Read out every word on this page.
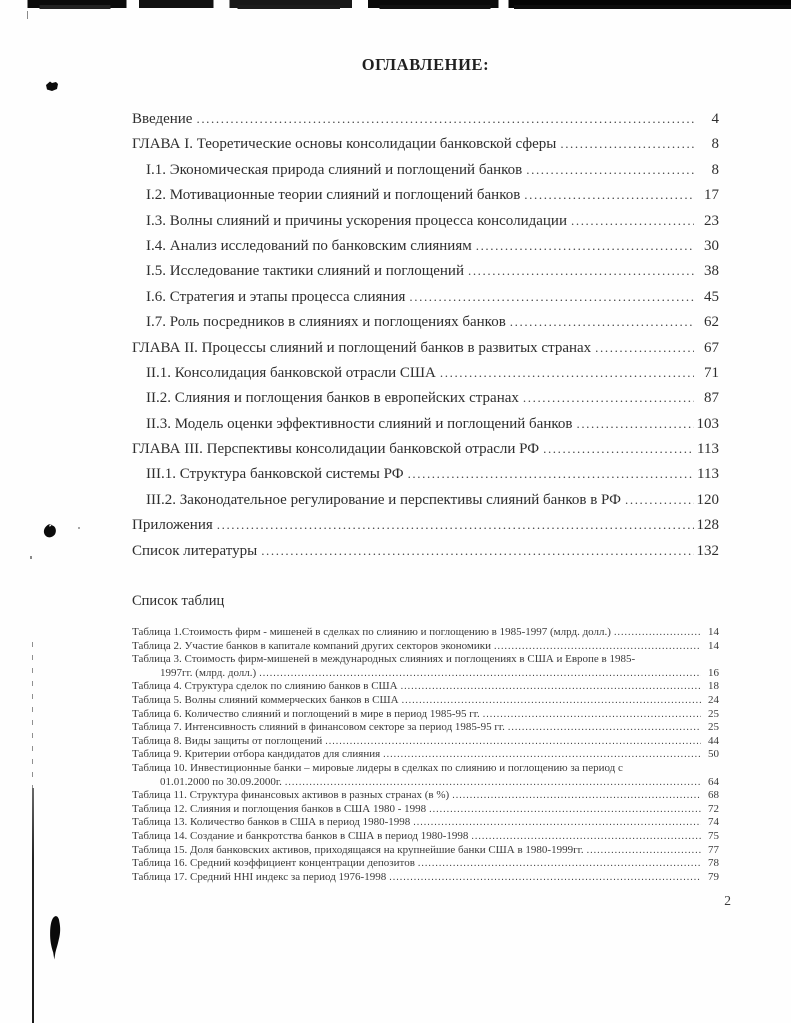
ОГЛАВЛЕНИЕ:
Введение .....	4
ГЛАВА I. Теоретические основы консолидации банковской сферы .....	8
I.1. Экономическая природа слияний и поглощений банков .....	8
I.2. Мотивационные теории слияний и поглощений банков .....	17
I.3. Волны слияний и причины ускорения процесса консолидации .....	23
I.4. Анализ исследований по банковским слияниям .....	30
I.5. Исследование тактики слияний и поглощений .....	38
I.6. Стратегия и этапы процесса слияния .....	45
I.7. Роль посредников в слияниях и поглощениях банков .....	62
ГЛАВА II. Процессы слияний и поглощений банков в развитых странах .....	67
II.1. Консолидация банковской отрасли США .....	71
II.2. Слияния и поглощения банков в европейских странах .....	87
II.3. Модель оценки эффективности слияний и поглощений банков .....	103
ГЛАВА III. Перспективы консолидации банковской отрасли РФ .....	113
III.1. Структура банковской системы РФ .....	113
III.2. Законодательное регулирование и перспективы слияний банков в РФ .....	120
Приложения .....	128
Список литературы .....	132
Список таблиц
Таблица 1.Стоимость фирм - мишеней в сделках по слиянию и поглощению в 1985-1997 (млрд. долл.) .....	14
Таблица 2. Участие банков в капитале компаний других секторов экономики .....	14
Таблица 3. Стоимость фирм-мишеней в международных слияниях и поглощениях в США и Европе в 1985-
1997гг. (млрд. долл.) .....	16
Таблица 4. Структура сделок по слиянию банков в США .....	18
Таблица 5. Волны слияний коммерческих банков в США .....	24
Таблица 6. Количество слияний и поглощений в мире в период 1985-95 гг. .....	25
Таблица 7. Интенсивность слияний в финансовом секторе за период 1985-95 гг. .....	25
Таблица 8. Виды защиты от поглощений .....	44
Таблица 9. Критерии отбора кандидатов для слияния .....	50
Таблица 10. Инвестиционные банки – мировые лидеры в сделках по слиянию и поглощению за период с
01.01.2000 по 30.09.2000г. .....	64
Таблица 11. Структура финансовых активов в разных странах (в %) .....	68
Таблица 12. Слияния и поглощения банков в США 1980 - 1998 .....	72
Таблица 13. Количество банков в США в период 1980-1998 .....	74
Таблица 14. Создание и банкротства банков в США в период 1980-1998 .....	75
Таблица 15. Доля банковских активов, приходящаяся на крупнейшие банки США в 1980-1999гг. .....	77
Таблица 16. Средний коэффициент концентрации депозитов .....	78
Таблица 17. Средний HHI индекс за период 1976-1998 .....	79
2
